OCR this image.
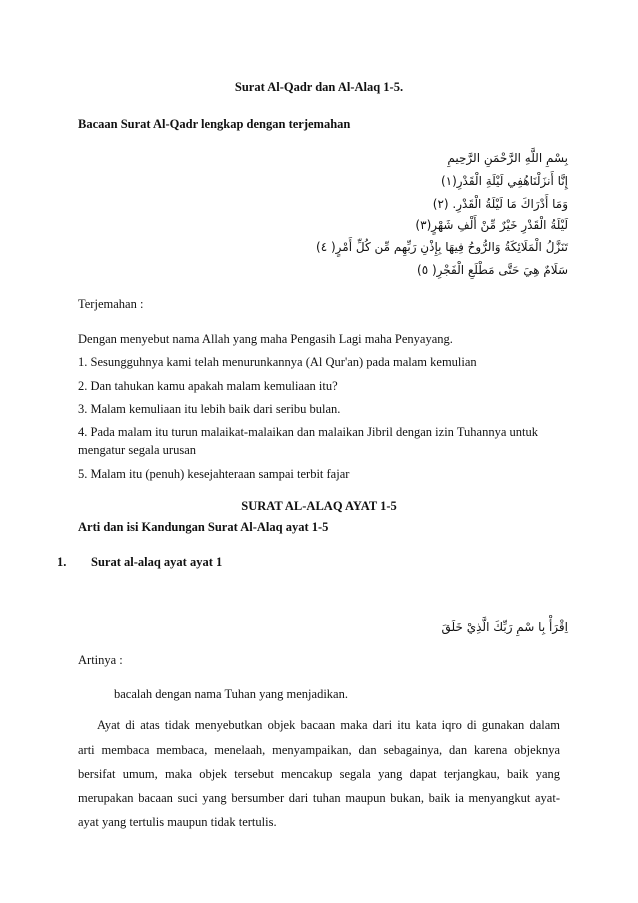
Surat Al-Qadr dan Al-Alaq 1-5.
Bacaan Surat Al-Qadr lengkap dengan terjemahan
بِسْمِ اللَّهِ الرَّحْمَنِ الرَّحِيمِ
إِنَّا أَنزَلْنَاهُفِي لَيْلَةِ الْقَدْرِ(١)
وَمَا أَدْرَاكَ مَا لَيْلَةُ الْقَدْرِ. (٢)
لَيْلَةُ الْقَدْرِ خَيْرٌ مِّنْ أَلْفِ شَهْرٍ(٣)
تَنَزَّلُ الْمَلَائِكَةُ وَالرُّوحُ فِيهَا بِإِذْنِ رَبِّهِم مِّن كُلِّ أَمْرٍ( ٤)
سَلَامٌ هِيَ حَتَّى مَطْلَعِ الْفَجْرِ( ٥)
Terjemahan :
Dengan menyebut nama Allah yang maha Pengasih Lagi maha Penyayang.
1. Sesungguhnya kami telah menurunkannya (Al Qur'an) pada malam kemulian
2. Dan tahukan kamu apakah malam kemuliaan itu?
3. Malam kemuliaan itu lebih baik dari seribu bulan.
4. Pada malam itu turun malaikat-malaikan dan malaikan Jibril dengan izin Tuhannya untuk
mengatur segala urusan
5. Malam itu (penuh) kesejahteraan sampai terbit fajar
SURAT AL-ALAQ AYAT 1-5
Arti dan isi Kandungan Surat Al-Alaq ayat 1-5
1. Surat al-alaq ayat ayat 1
اِقْرَأْ بِا سْمِ رَبِّكَ الَّذِيْ خَلَقَ
Artinya :
bacalah dengan nama Tuhan yang menjadikan.
Ayat di atas tidak menyebutkan objek bacaan maka dari itu kata iqro di gunakan dalam
arti membaca membaca, menelaah, menyampaikan, dan sebagainya, dan karena objeknya
bersifat umum, maka objek tersebut mencakup segala yang dapat terjangkau, baik yang
merupakan bacaan suci yang bersumber dari tuhan maupun bukan, baik ia menyangkut ayat-
ayat yang tertulis maupun tidak tertulis.
